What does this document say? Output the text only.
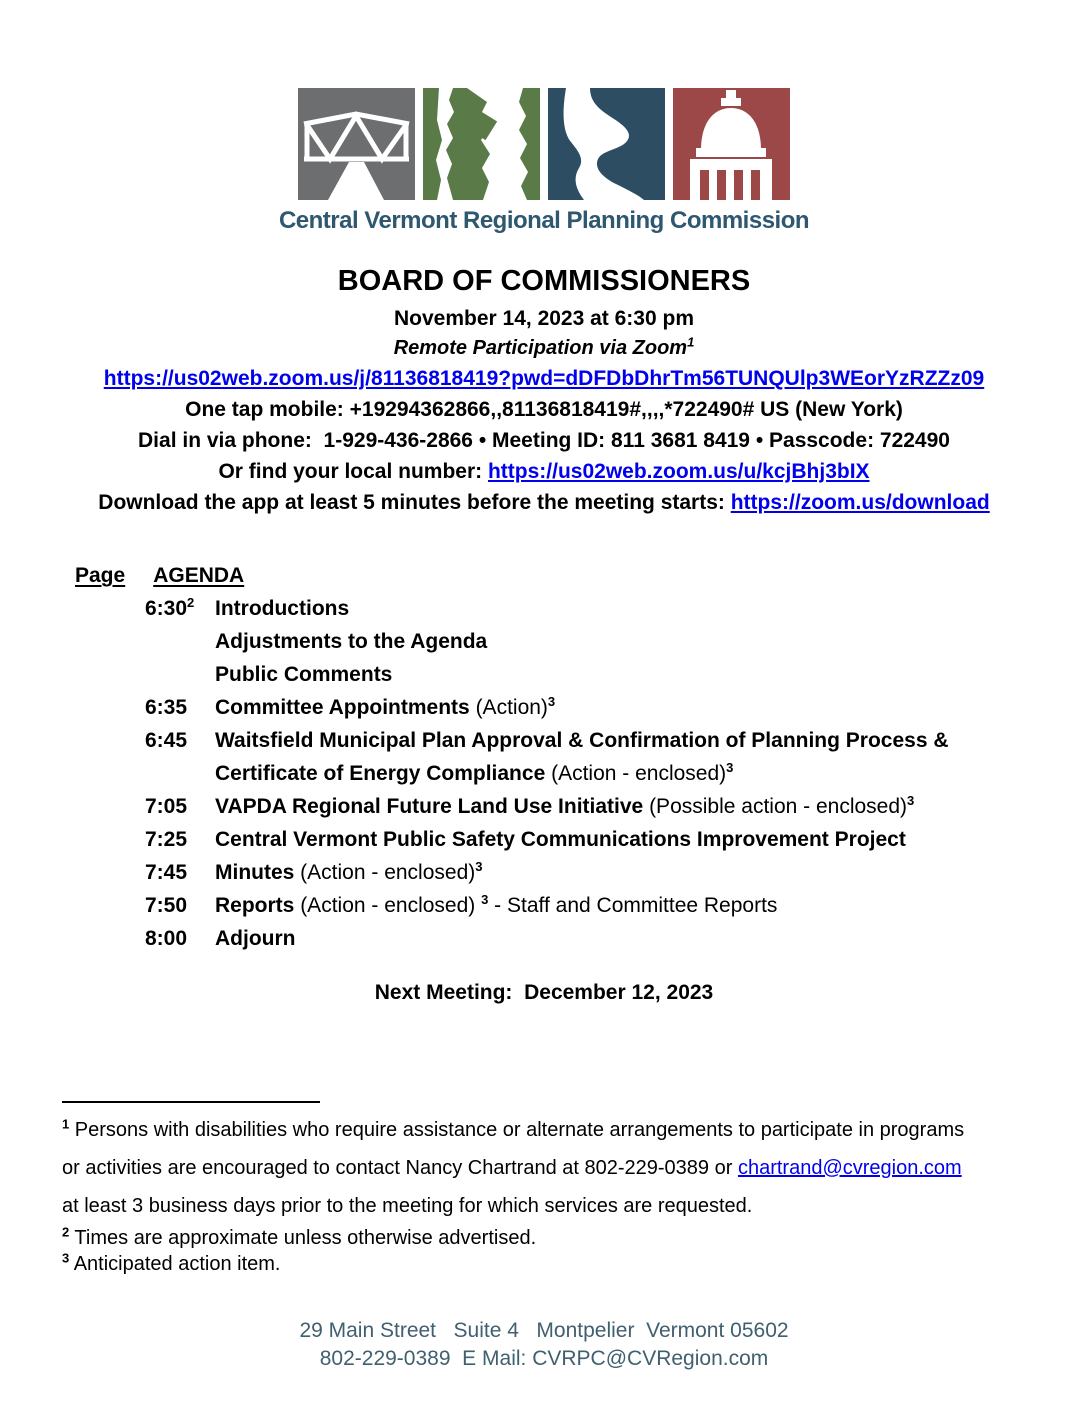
Central Vermont Regional Planning Commission
BOARD OF COMMISSIONERS
November 14, 2023 at 6:30 pm
Remote Participation via Zoom$^1$
https://us02web.zoom.us/j/81136818419?pwd=dDFDbDhrTm56TUNQUlp3WEorYzRZZz09
One tap mobile: +19294362866,,81136818419#,,,,*722490# US (New York)
Dial in via phone:  1-929-436-2866 • Meeting ID: 811 3681 8419 • Passcode: 722490
Or find your local number: https://us02web.zoom.us/u/kcjBhj3bIX
Download the app at least 5 minutes before the meeting starts: https://zoom.us/download
Page AGENDA
$6:30^2$ Introductions
Adjustments to the Agenda
Public Comments
6:35	Committee Appointments (Action)$^3$
6:45	Waitsfield Municipal Plan Approval & Confirmation of Planning Process & Certificate of Energy Compliance (Action - enclosed)$^3$
7:05	VAPDA Regional Future Land Use Initiative (Possible action - enclosed)$^3$
7:25	Central Vermont Public Safety Communications Improvement Project
7:45	Minutes (Action - enclosed)$^3$
7:50	Reports (Action - enclosed) $^3$ - Staff and Committee Reports
8:00	Adjourn
Next Meeting:  December 12, 2023

$^1$ Persons with disabilities who require assistance or alternate arrangements to participate in programs or activities are encouraged to contact Nancy Chartrand at 802-229-0389 or chartrand@cvregion.com at least 3 business days prior to the meeting for which services are requested.

$^2$ Times are approximate unless otherwise advertised.

$^3$ Anticipated action item.

29 Main Street   Suite 4   Montpelier  Vermont 05602
802-229-0389  E Mail: CVRPC@CVRegion.com
